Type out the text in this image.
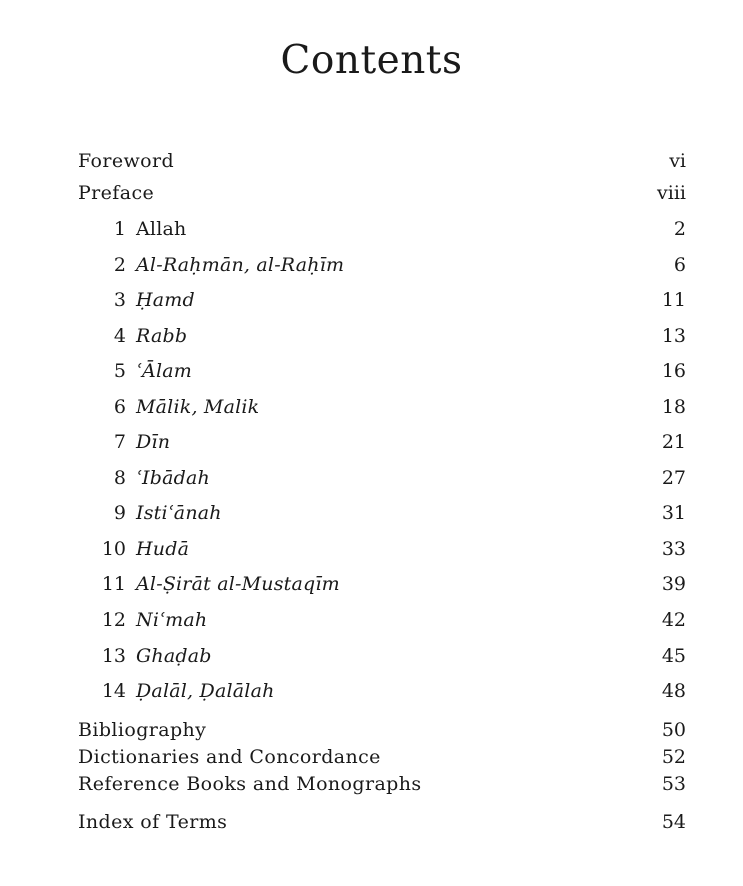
Contents
Foreword	vi
Preface	viii
1 Allah	2
2 Al-Raḥmān, al-Raḥīm	6
3 Ḥamd	11
4 Rabb	13
5 ʿĀlam	16
6 Mālik, Malik	18
7 Dīn	21
8 ʿIbādah	27
9 Istiʿānah	31
10 Hudā	33
11 Al-Ṣirāt al-Mustaqīm	39
12 Niʿmah	42
13 Ghaḍab	45
14 Ḍalāl, Ḍalālah	48
Bibliography	50
Dictionaries and Concordance	52
Reference Books and Monographs	53
Index of Terms	54
